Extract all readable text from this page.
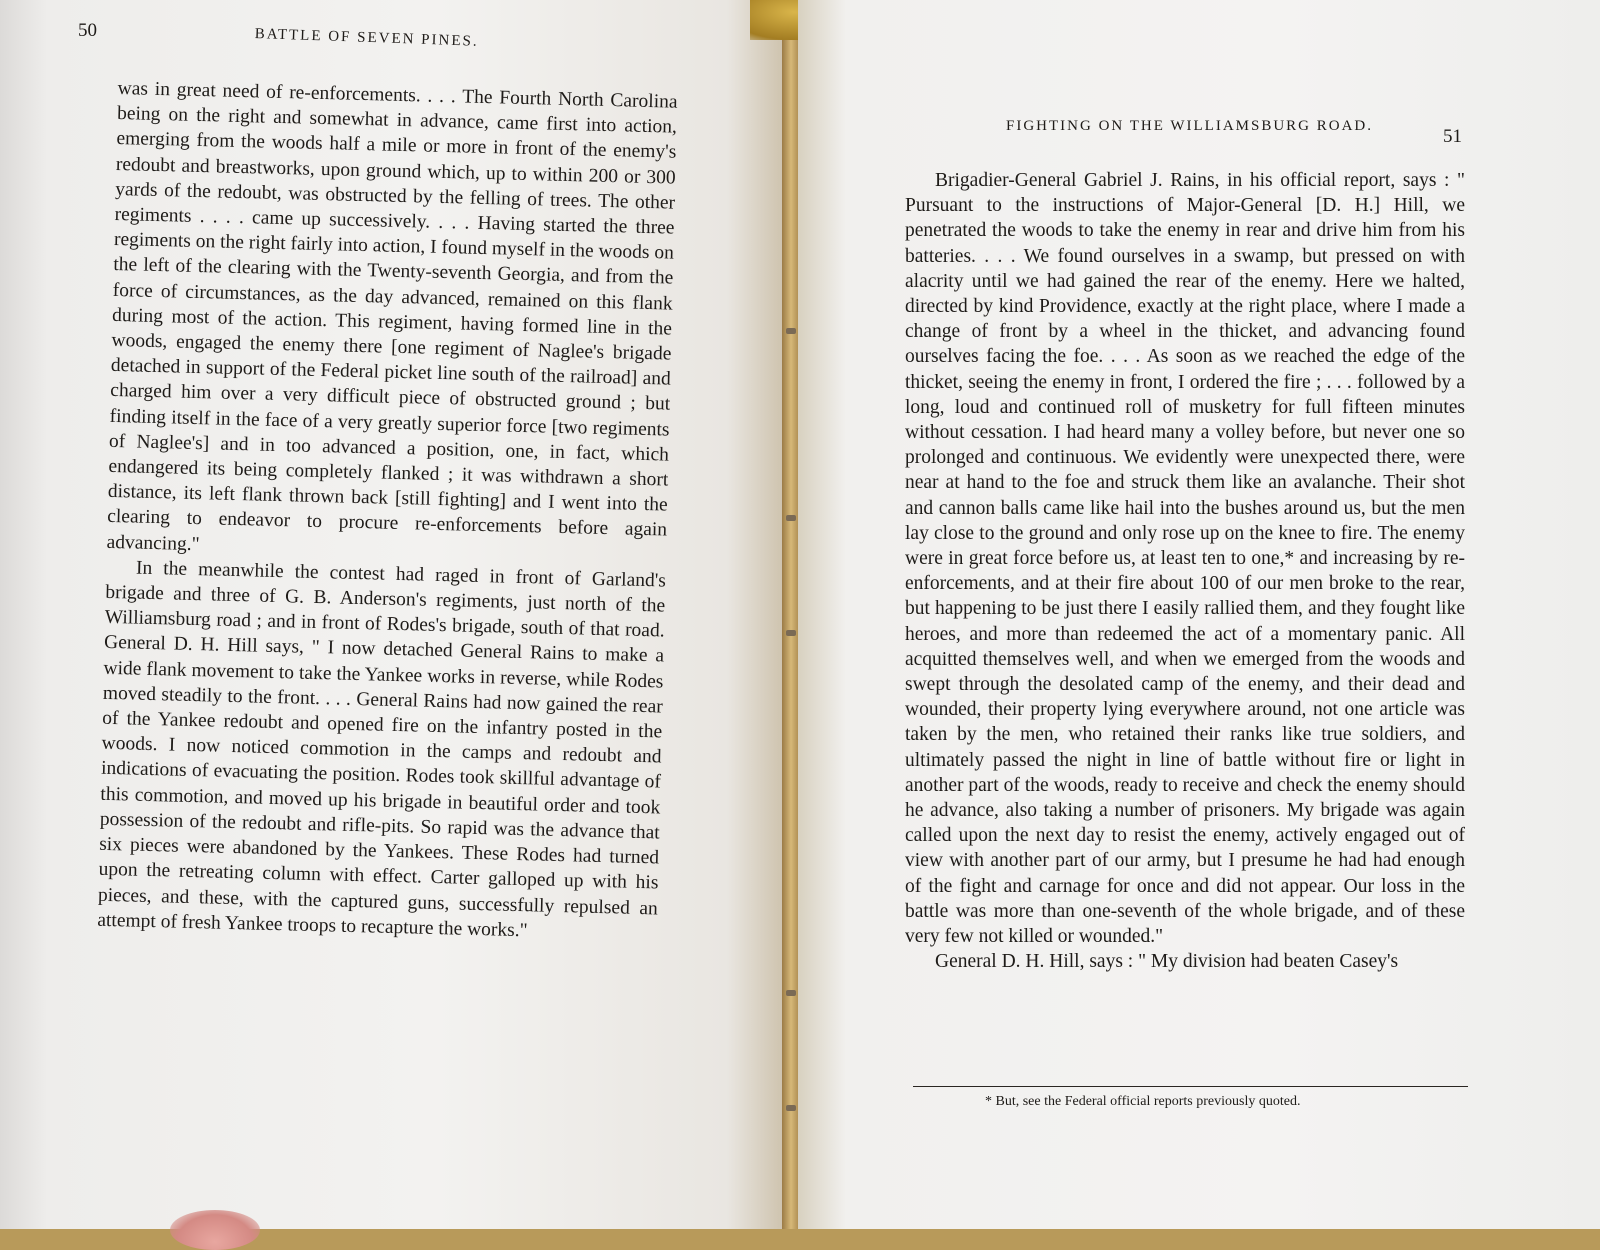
50	BATTLE OF SEVEN PINES.

was in great need of re-enforcements. . . . The Fourth North Carolina being on the right and somewhat in advance, came first into action, emerging from the woods half a mile or more in front of the enemy's redoubt and breastworks, upon ground which, up to within 200 or 300 yards of the redoubt, was obstructed by the felling of trees. The other regiments . . . . came up successively. . . . Having started the three regiments on the right fairly into action, I found myself in the woods on the left of the clearing with the Twenty-seventh Georgia, and from the force of circumstances, as the day advanced, remained on this flank during most of the action. This regiment, having formed line in the woods, engaged the enemy there [one regiment of Naglee's brigade detached in support of the Federal picket line south of the railroad] and charged him over a very difficult piece of obstructed ground ; but finding itself in the face of a very greatly superior force [two regiments of Naglee's] and in too advanced a position, one, in fact, which endangered its being completely flanked ; it was withdrawn a short distance, its left flank thrown back [still fighting] and I went into the clearing to endeavor to procure re-enforcements before again advancing."

In the meanwhile the contest had raged in front of Garland's brigade and three of G. B. Anderson's regiments, just north of the Williamsburg road ; and in front of Rodes's brigade, south of that road. General D. H. Hill says, " I now detached General Rains to make a wide flank movement to take the Yankee works in reverse, while Rodes moved steadily to the front. . . . General Rains had now gained the rear of the Yankee redoubt and opened fire on the infantry posted in the woods. I now noticed commotion in the camps and redoubt and indications of evacuating the position. Rodes took skillful advantage of this commotion, and moved up his brigade in beautiful order and took possession of the redoubt and rifle-pits. So rapid was the advance that six pieces were abandoned by the Yankees. These Rodes had turned upon the retreating column with effect. Carter galloped up with his pieces, and these, with the captured guns, successfully repulsed an attempt of fresh Yankee troops to recapture the works."

FIGHTING ON THE WILLIAMSBURG ROAD.	51

Brigadier-General Gabriel J. Rains, in his official report, says : " Pursuant to the instructions of Major-General [D. H.] Hill, we penetrated the woods to take the enemy in rear and drive him from his batteries. . . . We found ourselves in a swamp, but pressed on with alacrity until we had gained the rear of the enemy. Here we halted, directed by kind Providence, exactly at the right place, where I made a change of front by a wheel in the thicket, and advancing found ourselves facing the foe. . . . As soon as we reached the edge of the thicket, seeing the enemy in front, I ordered the fire ; . . . followed by a long, loud and continued roll of musketry for full fifteen minutes without cessation. I had heard many a volley before, but never one so prolonged and continuous. We evidently were unexpected there, were near at hand to the foe and struck them like an avalanche. Their shot and cannon balls came like hail into the bushes around us, but the men lay close to the ground and only rose up on the knee to fire. The enemy were in great force before us, at least ten to one,* and increasing by re-enforcements, and at their fire about 100 of our men broke to the rear, but happening to be just there I easily rallied them, and they fought like heroes, and more than redeemed the act of a momentary panic. All acquitted themselves well, and when we emerged from the woods and swept through the desolated camp of the enemy, and their dead and wounded, their property lying everywhere around, not one article was taken by the men, who retained their ranks like true soldiers, and ultimately passed the night in line of battle without fire or light in another part of the woods, ready to receive and check the enemy should he advance, also taking a number of prisoners. My brigade was again called upon the next day to resist the enemy, actively engaged out of view with another part of our army, but I presume he had had enough of the fight and carnage for once and did not appear. Our loss in the battle was more than one-seventh of the whole brigade, and of these very few not killed or wounded."

General D. H. Hill, says : " My division had beaten Casey's

* But, see the Federal official reports previously quoted.
